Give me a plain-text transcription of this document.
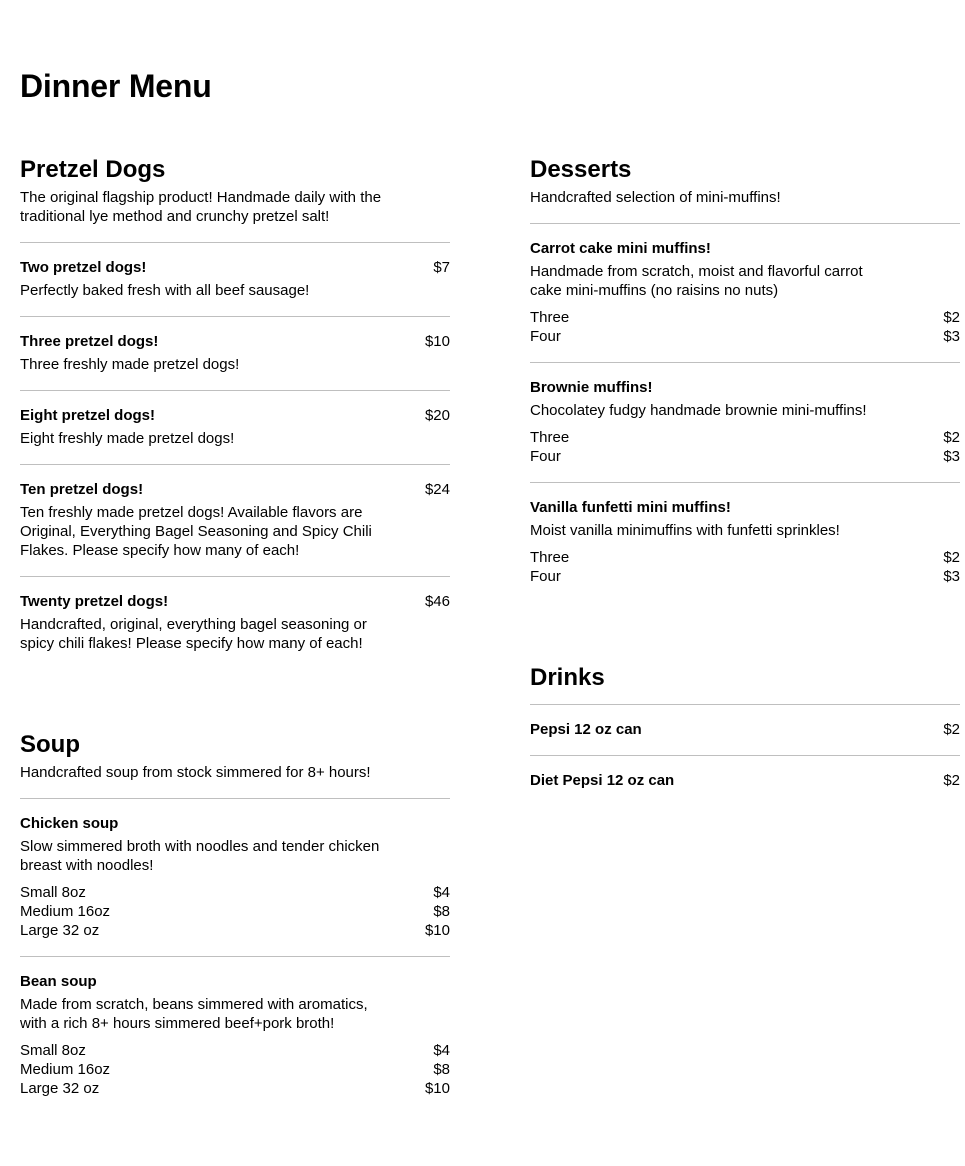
Dinner Menu
Pretzel Dogs
The original flagship product! Handmade daily with the traditional lye method and crunchy pretzel salt!
Two pretzel dogs!	$7
Perfectly baked fresh with all beef sausage!
Three pretzel dogs!	$10
Three freshly made pretzel dogs!
Eight pretzel dogs!	$20
Eight freshly made pretzel dogs!
Ten pretzel dogs!	$24
Ten freshly made pretzel dogs! Available flavors are Original, Everything Bagel Seasoning and Spicy Chili Flakes. Please specify how many of each!
Twenty pretzel dogs!	$46
Handcrafted, original, everything bagel seasoning or spicy chili flakes! Please specify how many of each!
Soup
Handcrafted soup from stock simmered for 8+ hours!
Chicken soup
Slow simmered broth with noodles and tender chicken breast with noodles!
Small 8oz	$4
Medium 16oz	$8
Large 32 oz	$10
Bean soup
Made from scratch, beans simmered with aromatics, with a rich 8+ hours simmered beef+pork broth!
Small 8oz	$4
Medium 16oz	$8
Large 32 oz	$10
Desserts
Handcrafted selection of mini-muffins!
Carrot cake mini muffins!
Handmade from scratch, moist and flavorful carrot cake mini-muffins (no raisins no nuts)
Three	$2
Four	$3
Brownie muffins!
Chocolatey fudgy handmade brownie mini-muffins!
Three	$2
Four	$3
Vanilla funfetti mini muffins!
Moist vanilla minimuffins with funfetti sprinkles!
Three	$2
Four	$3
Drinks
Pepsi 12 oz can	$2
Diet Pepsi 12 oz can	$2
